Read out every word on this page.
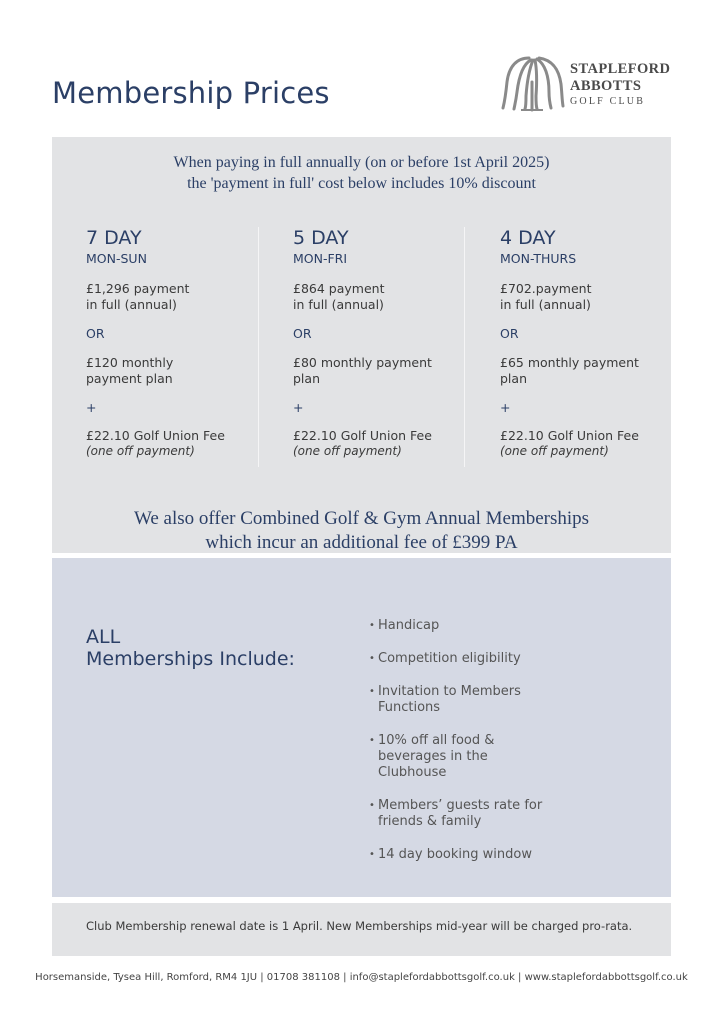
Membership Prices
STAPLEFORD
ABBOTTS
GOLF CLUB
When paying in full annually (on or before 1st April 2025)
the 'payment in full' cost below includes 10% discount
7 DAY
MON-SUN
£1,296 payment
in full (annual)
OR
£120 monthly
payment plan
+
£22.10 Golf Union Fee
(one off payment)
5 DAY
MON-FRI
£864 payment
in full (annual)
OR
£80 monthly payment
plan
+
£22.10 Golf Union Fee
(one off payment)
4 DAY
MON-THURS
£702.payment
in full (annual)
OR
£65 monthly payment
plan
+
£22.10 Golf Union Fee
(one off payment)
We also offer Combined Golf & Gym Annual Memberships
which incur an additional fee of £399 PA
ALL
Memberships Include:
• Handicap
• Competition eligibility
• Invitation to Members
Functions
• 10% off all food &
beverages in the
Clubhouse
• Members’ guests rate for
friends & family
• 14 day booking window
Club Membership renewal date is 1 April. New Memberships mid-year will be charged pro-rata.
Horsemanside, Tysea Hill, Romford, RM4 1JU | 01708 381108 | info@staplefordabbottsgolf.co.uk | www.staplefordabbottsgolf.co.uk
